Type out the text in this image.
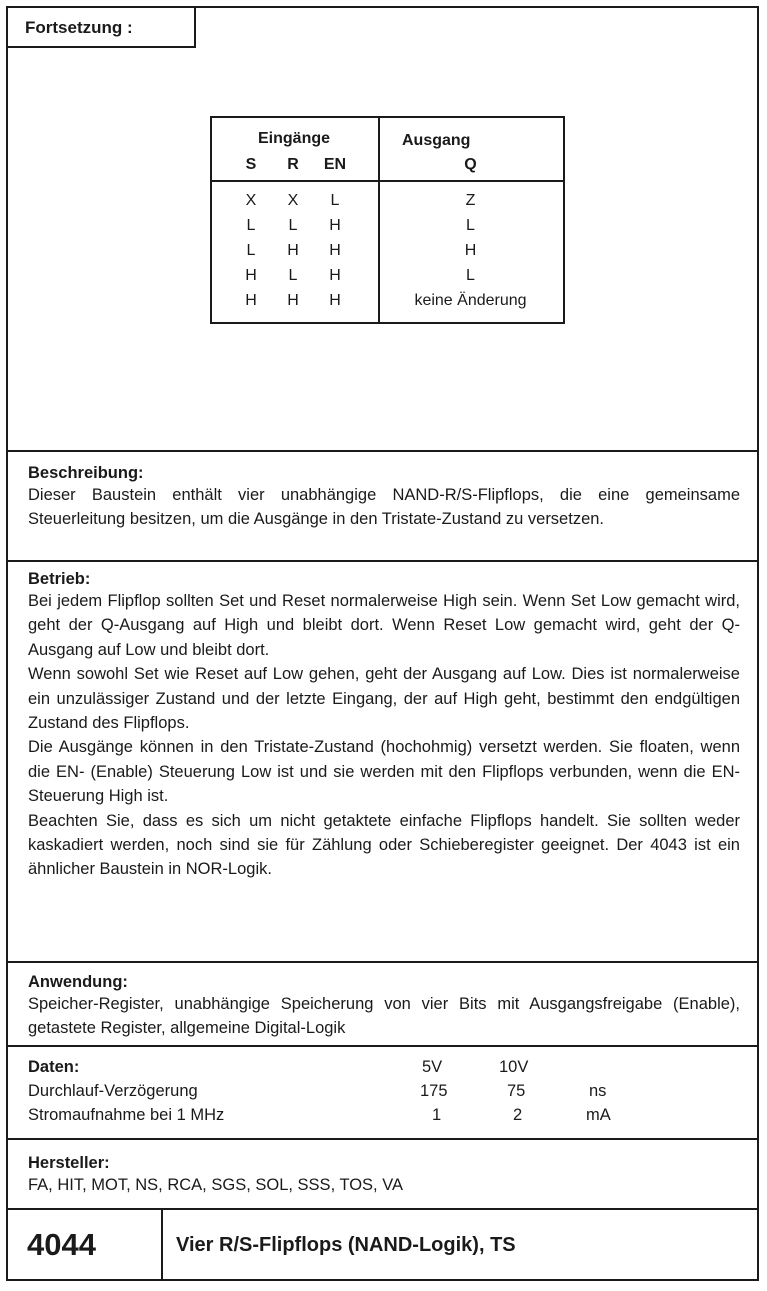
Fortsetzung :
Eingänge	Ausgang
S	R	EN	Q
X	X	L	Z
L	L	H	L
L	H	H	H
H	L	H	L
H	H	H	keine Änderung

Beschreibung:

Dieser Baustein enthält vier unabhängige NAND-R/S-Flipflops, die eine gemeinsame Steuerleitung besitzen, um die Ausgänge in den Tristate-Zustand zu versetzen.

Betrieb:

Bei jedem Flipflop sollten Set und Reset normalerweise High sein. Wenn Set Low gemacht wird, geht der Q-Ausgang auf High und bleibt dort. Wenn Reset Low gemacht wird, geht der Q-Ausgang auf Low und bleibt dort.

Wenn sowohl Set wie Reset auf Low gehen, geht der Ausgang auf Low. Dies ist normalerweise ein unzulässiger Zustand und der letzte Eingang, der auf High geht, bestimmt den endgültigen Zustand des Flipflops.

Die Ausgänge können in den Tristate-Zustand (hochohmig) versetzt werden. Sie floaten, wenn die EN- (Enable) Steuerung Low ist und sie werden mit den Flipflops verbunden, wenn die EN-Steuerung High ist.

Beachten Sie, dass es sich um nicht getaktete einfache Flipflops handelt. Sie sollten weder kaskadiert werden, noch sind sie für Zählung oder Schieberegister geeignet. Der 4043 ist ein ähnlicher Baustein in NOR-Logik.

Anwendung:

Speicher-Register, unabhängige Speicherung von vier Bits mit Ausgangsfreigabe (Enable), getastete Register, allgemeine Digital-Logik

Daten:	5V	10V
Durchlauf-Verzögerung	175	75	ns
Stromaufnahme bei 1 MHz	1	2	mA

Hersteller:

FA, HIT, MOT, NS, RCA, SGS, SOL, SSS, TOS, VA

4044	Vier R/S-Flipflops (NAND-Logik), TS
